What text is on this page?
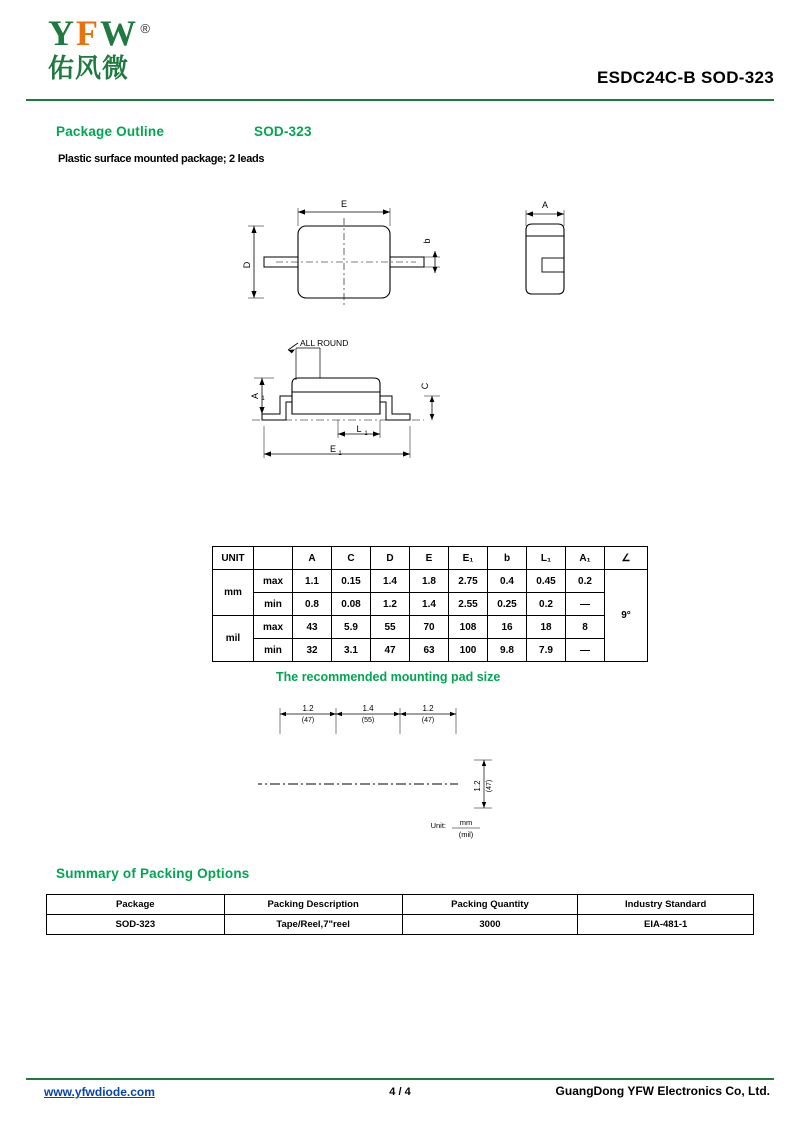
YFW ®
佑风微	ESDC24C-B SOD-323
Package Outline	SOD-323
Plastic surface mounted package; 2 leads
E
D
b
A
ALL ROUND
A 1
C
L 1
E 1
UNIT		A	C	D	E	E₁	b	L₁	A₁	∠
mm	max	1.1	0.15	1.4	1.8	2.75	0.4	0.45	0.2	9°
	min	0.8	0.08	1.2	1.4	2.55	0.25	0.2	—	
mil	max	43	5.9	55	70	108	16	18	8	
	min	32	3.1	47	63	100	9.8	7.9	—	
The recommended mounting pad size
1.2
(47)
1.4
(55)
1.2
(47)
1.2 (47)
Unit: mm
(mil)
Summary of Packing Options
Package	Packing Description	Packing Quantity	Industry Standard
SOD-323	Tape/Reel,7"reel	3000	EIA-481-1
www.yfwdiode.com	4 / 4	GuangDong YFW Electronics Co, Ltd.
